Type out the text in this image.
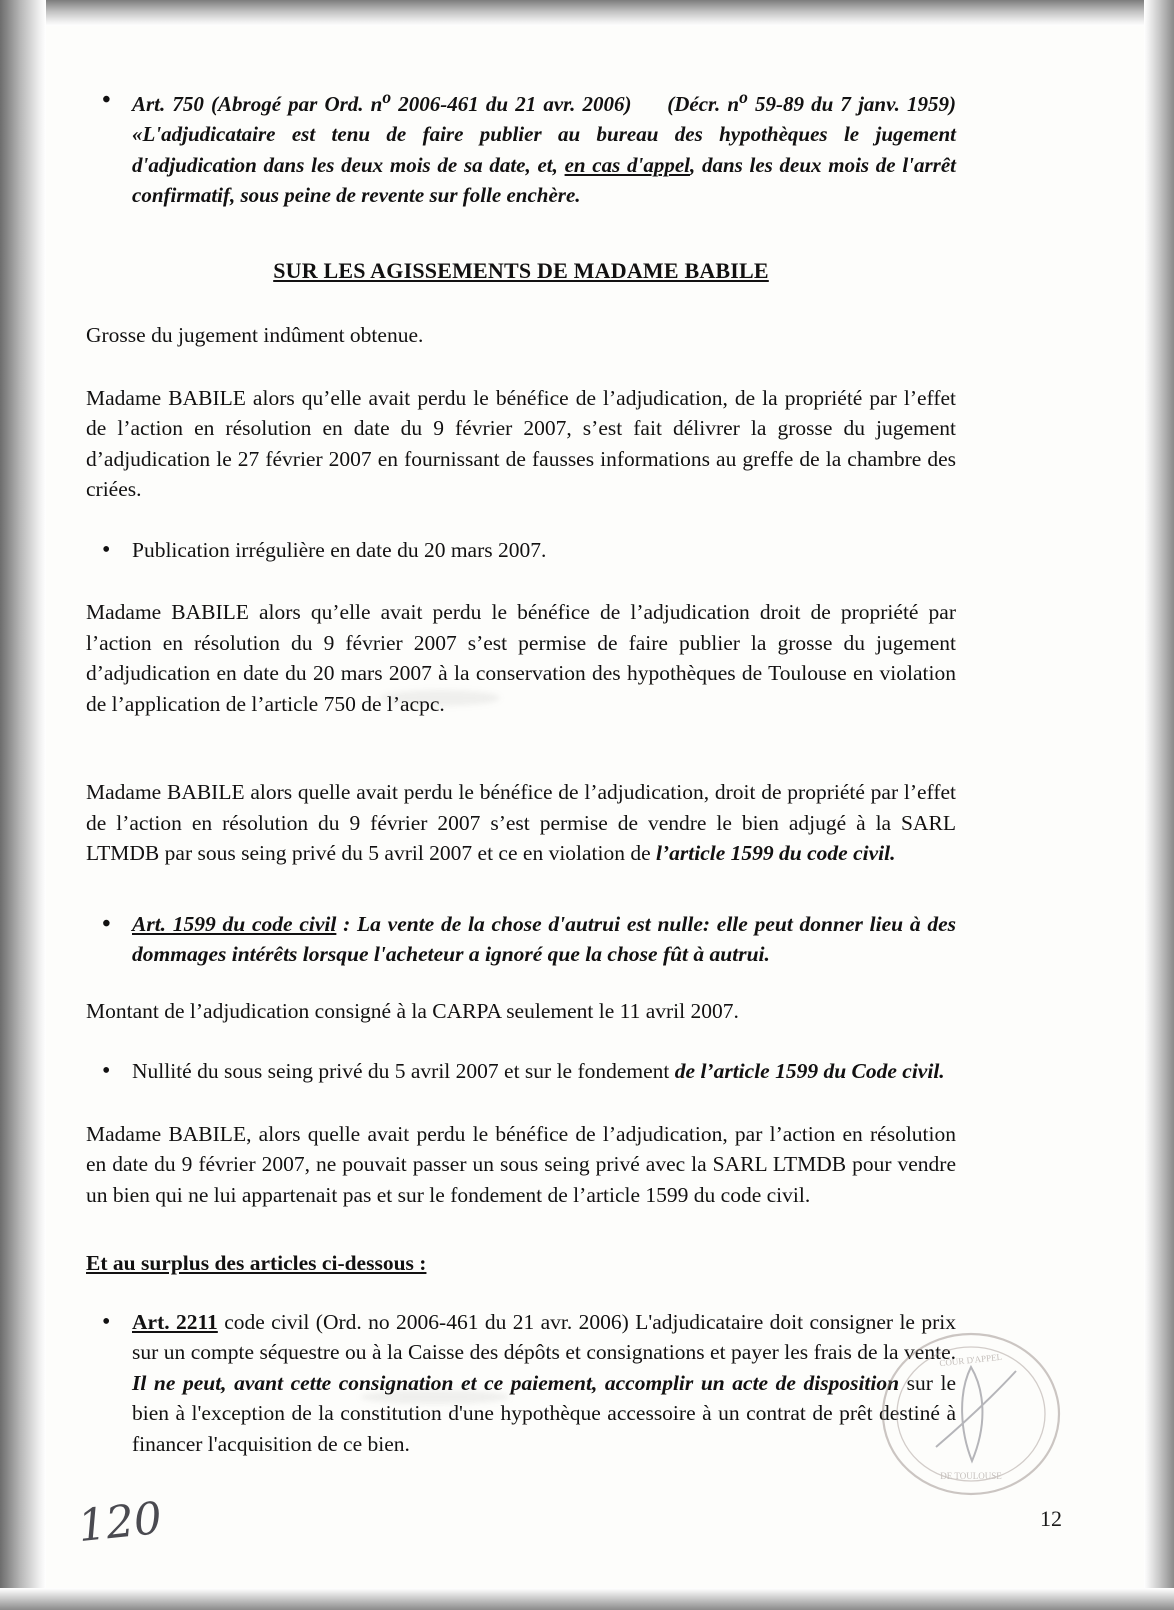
• Art. 750 (Abrogé par Ord. $n^o$ 2006-461 du 21 avr. 2006) (Décr. $n^o$ 59-89 du 7 janv. 1959) «L'adjudicataire est tenu de faire publier au bureau des hypothèques le jugement d'adjudication dans les deux mois de sa date, et, en cas d'appel, dans les deux mois de l'arrêt confirmatif, sous peine de revente sur folle enchère.

SUR LES AGISSEMENTS DE MADAME BABILE

Grosse du jugement indûment obtenue.

Madame BABILE alors qu’elle avait perdu le bénéfice de l’adjudication, de la propriété par l’effet de l’action en résolution en date du 9 février 2007, s’est fait délivrer la grosse du jugement d’adjudication le 27 février 2007 en fournissant de fausses informations au greffe de la chambre des criées.

• Publication irrégulière en date du 20 mars 2007.

Madame BABILE alors qu’elle avait perdu le bénéfice de l’adjudication droit de propriété par l’action en résolution du 9 février 2007 s’est permise de faire publier la grosse du jugement d’adjudication en date du 20 mars 2007 à la conservation des hypothèques de Toulouse en violation de l’application de l’article 750 de l’acpc.

Madame BABILE alors quelle avait perdu le bénéfice de l’adjudication, droit de propriété par l’effet de l’action en résolution du 9 février 2007 s’est permise de vendre le bien adjugé à la SARL LTMDB par sous seing privé du 5 avril 2007 et ce en violation de l’article 1599 du code civil.

• Art. 1599 du code civil : La vente de la chose d'autrui est nulle: elle peut donner lieu à des dommages intérêts lorsque l'acheteur a ignoré que la chose fût à autrui.

Montant de l’adjudication consigné à la CARPA seulement le 11 avril 2007.

• Nullité du sous seing privé du 5 avril 2007 et sur le fondement de l’article 1599 du Code civil.

Madame BABILE, alors quelle avait perdu le bénéfice de l’adjudication, par l’action en résolution en date du 9 février 2007, ne pouvait passer un sous seing privé avec la SARL LTMDB pour vendre un bien qui ne lui appartenait pas et sur le fondement de l’article 1599 du code civil.

Et au surplus des articles ci-dessous :

• Art. 2211 code civil (Ord. no 2006-461 du 21 avr. 2006) L'adjudicataire doit consigner le prix sur un compte séquestre ou à la Caisse des dépôts et consignations et payer les frais de la vente. Il ne peut, avant cette consignation et ce paiement, accomplir un acte de disposition sur le bien à l'exception de la constitution d'une hypothèque accessoire à un contrat de prêt destiné à financer l'acquisition de ce bien.
COUR D'APPEL
DE TOULOUSE
120	12
